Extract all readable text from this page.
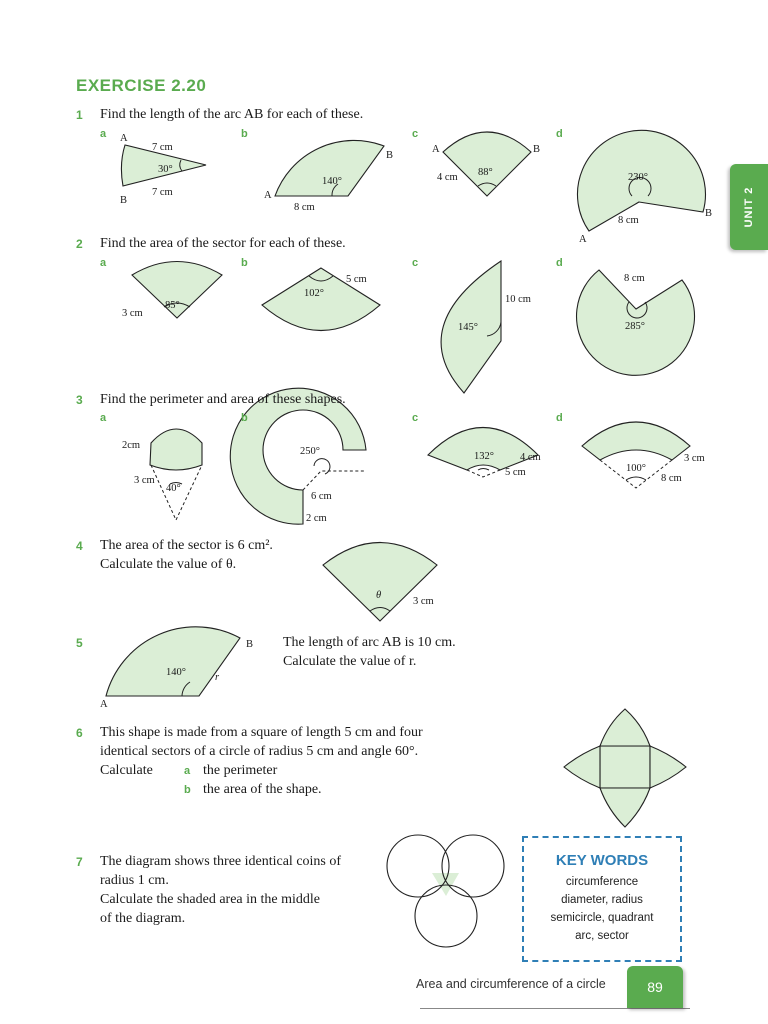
EXERCISE 2.20
UNIT 2
1 Find the length of the arc AB for each of these.
a	b	c	d
A
B
7 cm
7 cm
30°
A
B
140°
8 cm
A	B
88°
4 cm	230°
A
B
8 cm
85°
3 cm
102°
5 cm
145°
10 cm
8 cm
285°
2cm
3 cm
40°
250°
6 cm
2 cm
132° 4 cm
5 cm	100°
3 cm
8 cm
θ
3 cm
A
B
140°	r
2 Find the area of the sector for each of these.
a	b	c	d
3 Find the perimeter and area of these shapes.
a	b	c	d
4 The area of the sector is 6 cm².
Calculate the value of θ.
5	The length of arc AB is 10 cm.
Calculate the value of r.
6 This shape is made from a square of length 5 cm and four
identical sectors of a circle of radius 5 cm and angle 60°.
Calculate	a the perimeter
b the area of the shape.
7 The diagram shows three identical coins of
radius 1 cm.
Calculate the shaded area in the middle
of the diagram.
KEY WORDS
circumference
diameter, radius
semicircle, quadrant
arc, sector
Area and circumference of a circle	89
